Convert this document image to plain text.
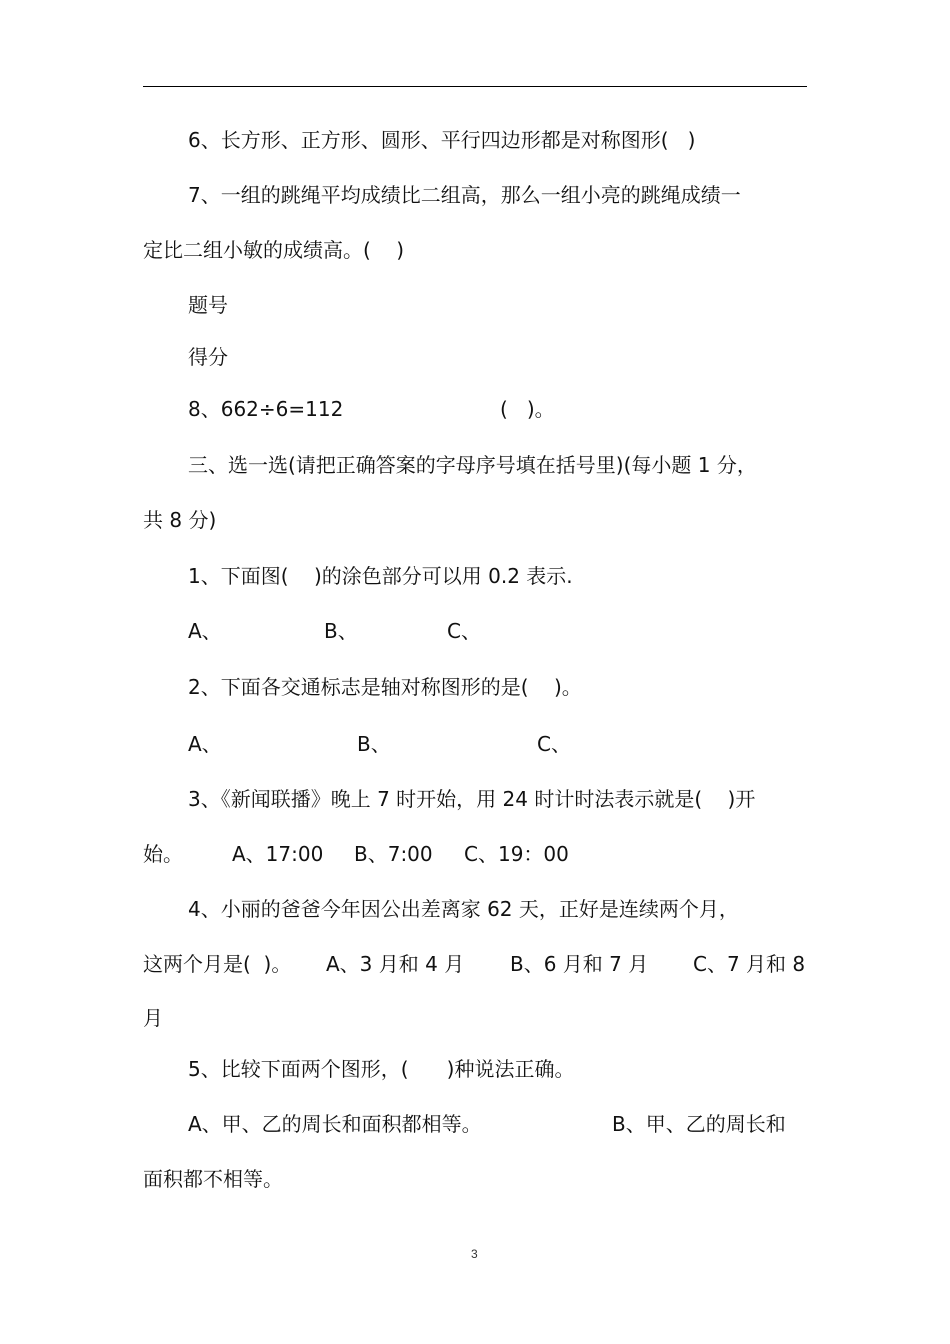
6、长方形、正方形、圆形、平行四边形都是对称图形(   )
7、一组的跳绳平均成绩比二组高，那么一组小亮的跳绳成绩一
定比二组小敏的成绩高。(    )
题号
得分
8、662÷6=112	(   )。
三、选一选(请把正确答案的字母序号填在括号里)(每小题 1 分，
共 8 分)
1、下面图(    )的涂色部分可以用 0.2 表示.
A、	B、	C、
2、下面各交通标志是轴对称图形的是(    )。
A、	B、	C、
3、《新闻联播》晚上 7 时开始，用 24 时计时法表示就是(    )开
始。 A、17:00 B、7:00 C、19：00
4、小丽的爸爸今年因公出差离家 62 天，正好是连续两个月，
这两个月是(  )。 A、3 月和 4 月 B、6 月和 7 月 C、7 月和 8
月
5、比较下面两个图形，(      )种说法正确。
A、甲、乙的周长和面积都相等。	B、甲、乙的周长和
面积都不相等。
3
